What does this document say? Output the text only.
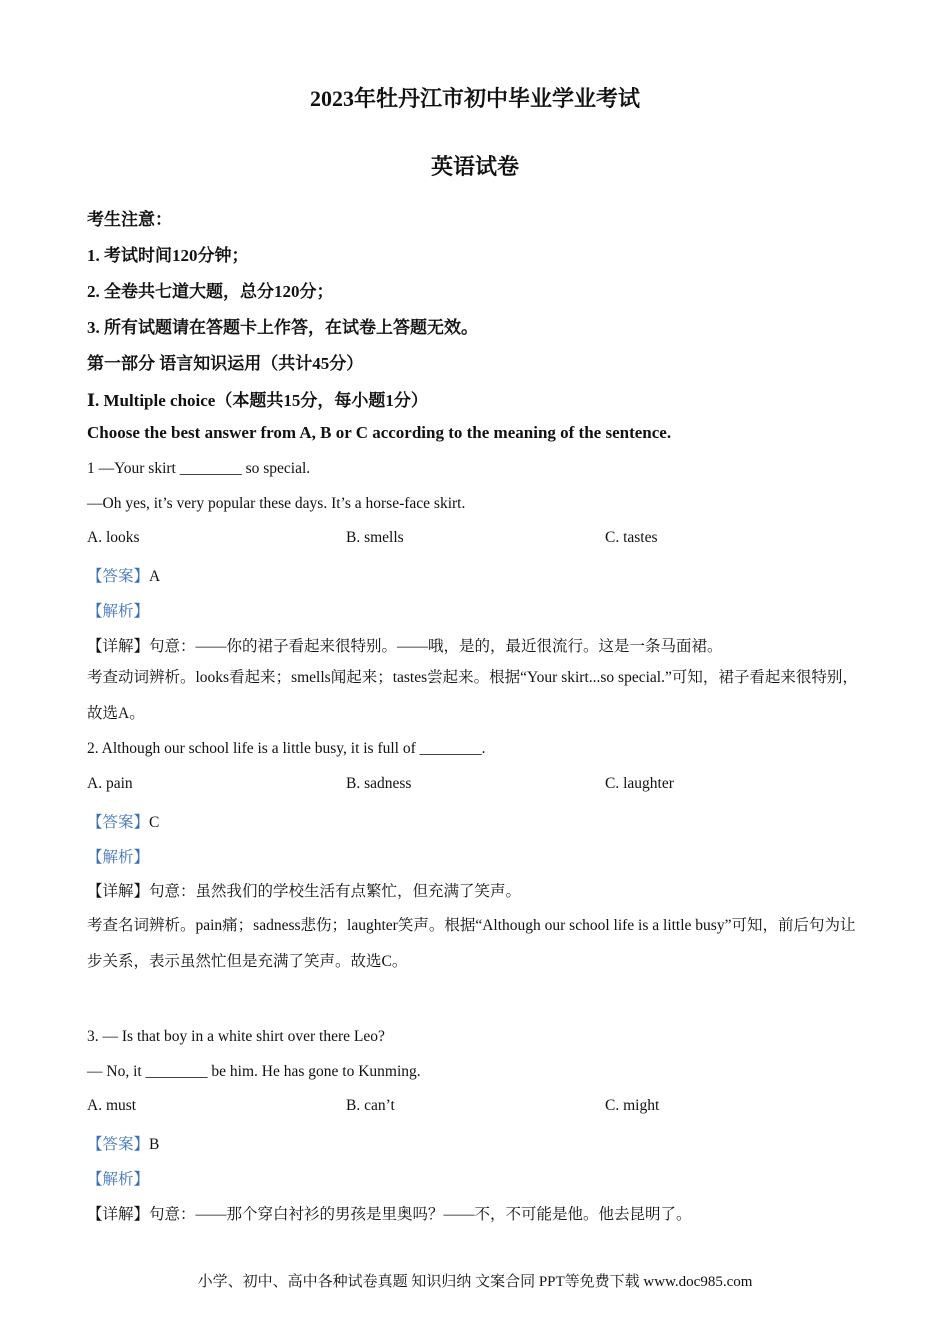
2023年牡丹江市初中毕业学业考试
英语试卷
考生注意：
1. 考试时间120分钟；
2. 全卷共七道大题，总分120分；
3. 所有试题请在答题卡上作答，在试卷上答题无效。
第一部分 语言知识运用（共计45分）
Ⅰ. Multiple choice（本题共15分，每小题1分）
Choose the best answer from A, B or C according to the meaning of the sentence.
1 —Your skirt ________ so special.
—Oh yes, it’s very popular these days. It’s a horse-face skirt.
A. looks	B. smells	C. tastes
【答案】A
【解析】
【详解】句意：——你的裙子看起来很特别。——哦，是的，最近很流行。这是一条马面裙。
考查动词辨析。looks看起来；smells闻起来；tastes尝起来。根据“Your skirt...so special.”可知，裙子看起来很特别，故选A。
2. Although our school life is a little busy, it is full of ________.
A. pain	B. sadness	C. laughter
【答案】C
【解析】
【详解】句意：虽然我们的学校生活有点繁忙，但充满了笑声。
考查名词辨析。pain痛；sadness悲伤；laughter笑声。根据“Although our school life is a little busy”可知，前后句为让步关系，表示虽然忙但是充满了笑声。故选C。
3. — Is that boy in a white shirt over there Leo?
— No, it ________ be him. He has gone to Kunming.
A. must	B. can’t	C. might
【答案】B
【解析】
【详解】句意：——那个穿白衬衫的男孩是里奥吗？——不，不可能是他。他去昆明了。
小学、初中、高中各种试卷真题 知识归纳 文案合同 PPT等免费下载 www.doc985.com
